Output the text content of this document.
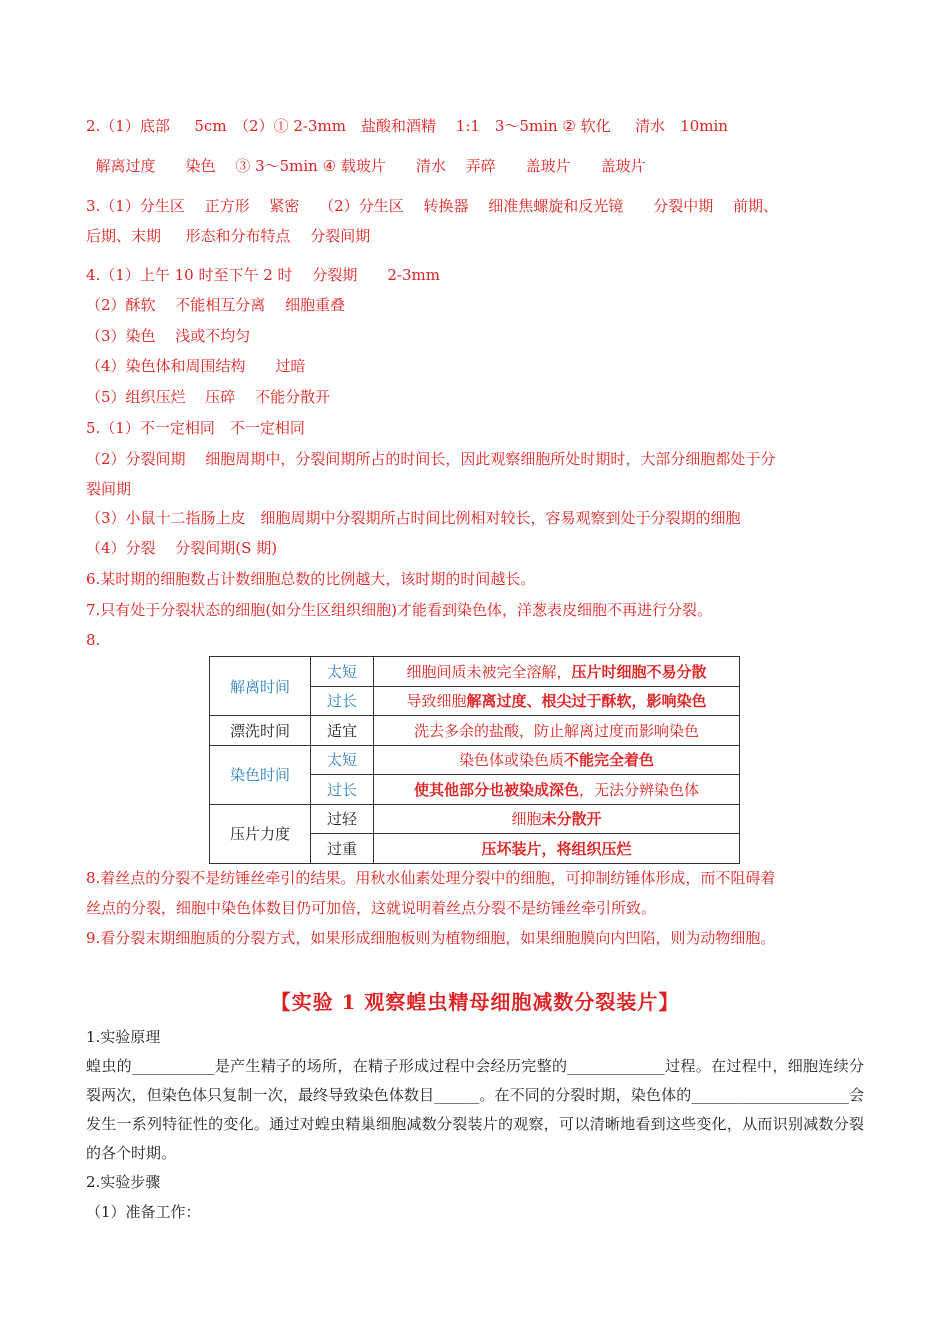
2.（1）底部　  5cm　（2）① 2-3mm　盐酸和酒精　 1:1　3～5min ② 软化　  清水　10min
解离过度　　染色　 ③ 3～5min ④ 载玻片　　清水　 弄碎　　盖玻片　　盖玻片
3.（1）分生区　 正方形　 紧密　 （2）分生区　 转换器　 细准焦螺旋和反光镜　　分裂中期　 前期、
后期、末期　  形态和分布特点　 分裂间期
4.（1）上午 10 时至下午 2 时　 分裂期　　2-3mm
（2）酥软　 不能相互分离　 细胞重叠
（3）染色　 浅或不均匀
（4）染色体和周围结构　　过暗
（5）组织压烂　 压碎　 不能分散开
5.（1）不一定相同　不一定相同
（2）分裂间期　 细胞周期中，分裂间期所占的时间长，因此观察细胞所处时期时，大部分细胞都处于分
裂间期
（3）小鼠十二指肠上皮　细胞周期中分裂期所占时间比例相对较长，容易观察到处于分裂期的细胞
（4）分裂　 分裂间期(S 期)
6.某时期的细胞数占计数细胞总数的比例越大，该时期的时间越长。
7.只有处于分裂状态的细胞(如分生区组织细胞)才能看到染色体，洋葱表皮细胞不再进行分裂。
8.
解离时间	太短	细胞间质未被完全溶解，压片时细胞不易分散
	过长	导致细胞解离过度、根尖过于酥软，影响染色
漂洗时间	适宜	洗去多余的盐酸，防止解离过度而影响染色
染色时间	太短	染色体或染色质不能完全着色
	过长	使其他部分也被染成深色，无法分辨染色体
压片力度	过轻	细胞未分散开
	过重	压坏装片，将组织压烂
8.着丝点的分裂不是纺锤丝牵引的结果。用秋水仙素处理分裂中的细胞，可抑制纺锤体形成，而不阻碍着
丝点的分裂，细胞中染色体数目仍可加倍，这就说明着丝点分裂不是纺锤丝牵引所致。
9.看分裂末期细胞质的分裂方式，如果形成细胞板则为植物细胞，如果细胞膜向内凹陷，则为动物细胞。
【实验 1 观察蝗虫精母细胞减数分裂装片】
1.实验原理
蝗虫的___________是产生精子的场所，在精子形成过程中会经历完整的_____________过程。在过程中，细胞连续分裂两次，但染色体只复制一次，最终导致染色体数目______。在不同的分裂时期，染色体的_____________________会发生一系列特征性的变化。通过对蝗虫精巢细胞减数分裂装片的观察，可以清晰地看到这些变化，从而识别减数分裂的各个时期。
2.实验步骤
（1）准备工作：
